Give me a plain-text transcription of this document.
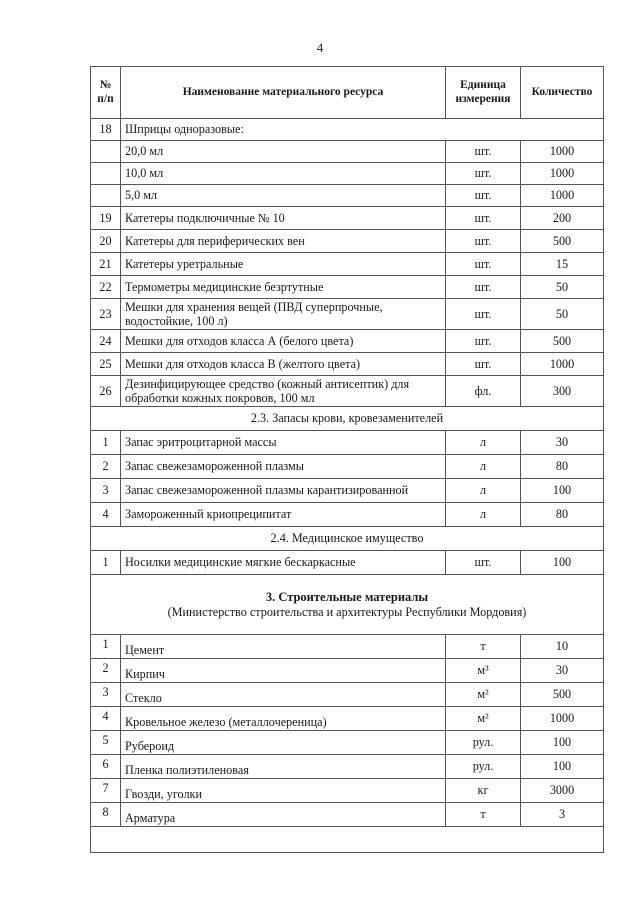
4
№ п/п	Наименование материального ресурса	Единица измерения	Количество
18	Шприцы одноразовые:		
	20,0 мл	шт.	1000
	10,0 мл	шт.	1000
	5,0 мл	шт.	1000
19	Катетеры подключичные № 10	шт.	200
20	Катетеры для периферических вен	шт.	500
21	Катетеры уретральные	шт.	15
22	Термометры медицинские безртутные	шт.	50
23	Мешки для хранения вещей (ПВД суперпрочные, водостойкие, 100 л)	шт.	50
24	Мешки для отходов класса А (белого цвета)	шт.	500
25	Мешки для отходов класса В (желтого цвета)	шт.	1000
26	Дезинфицирующее средство (кожный антисептик) для обработки кожных покровов, 100 мл	фл.	300
2.3. Запасы крови, кровезаменителей			
1	Запас эритроцитарной массы	л	30
2	Запас свежезамороженной плазмы	л	80
3	Запас свежезамороженной плазмы карантизированной	л	100
4	Замороженный криопреципитат	л	80
2.4. Медицинское имущество			
1	Носилки медицинские мягкие бескаркасные	шт.	100

3. Строительные материалы
(Министерство строительства и архитектуры Республики Мордовия)			

1	Цемент	т	10
2	Кирпич	м³	30
3	Стекло	м²	500
4	Кровельное железо (металлочереница)	м²	1000
5	Рубероид	рул.	100
6	Пленка полиэтиленовая	рул.	100
7	Гвозди, уголки	кг	3000
8	Арматура	т	3
